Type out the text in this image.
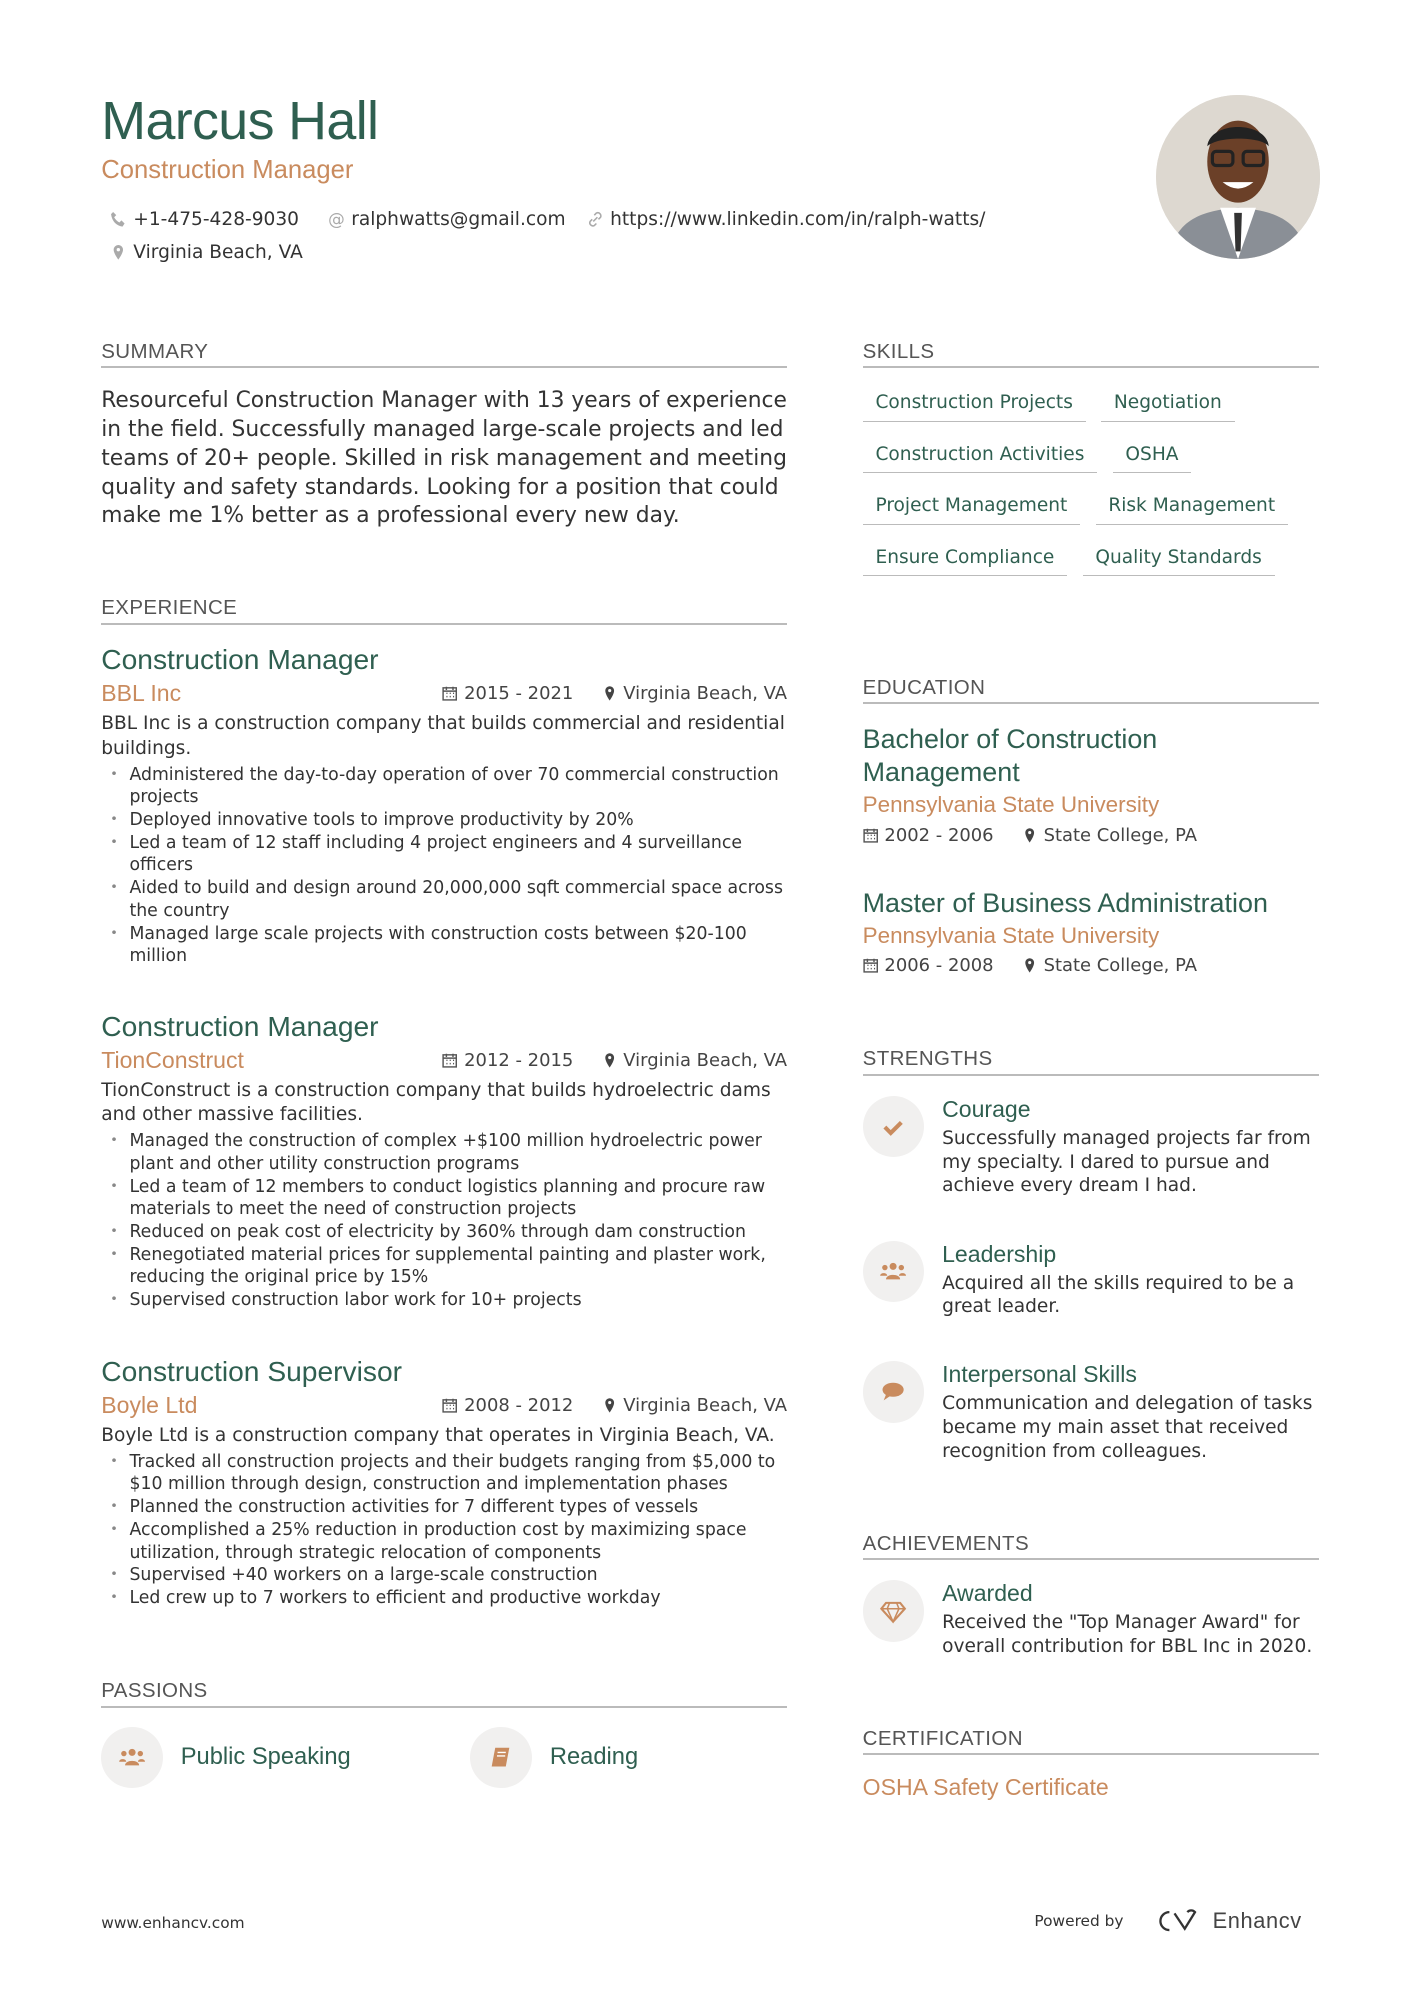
Marcus Hall
Construction Manager
+1-475-428-9030 @ ralphwatts@gmail.com	https://www.linkedin.com/in/ralph-watts/
Virginia Beach, VA
SUMMARY
Resourceful Construction Manager with 13 years of experience in the field. Successfully managed large-scale projects and led teams of 20+ people. Skilled in risk management and meeting quality and safety standards. Looking for a position that could make me 1% better as a professional every new day.
EXPERIENCE
Construction Manager
BBL Inc	2015 - 2021	Virginia Beach, VA
BBL Inc is a construction company that builds commercial and residential buildings.
• Administered the day-to-day operation of over 70 commercial construction projects
• Deployed innovative tools to improve productivity by 20%
• Led a team of 12 staff including 4 project engineers and 4 surveillance officers
• Aided to build and design around 20,000,000 sqft commercial space across the country
• Managed large scale projects with construction costs between $20-100 million
Construction Manager
TionConstruct	2012 - 2015	Virginia Beach, VA
TionConstruct is a construction company that builds hydroelectric dams and other massive facilities.
• Managed the construction of complex +$100 million hydroelectric power plant and other utility construction programs
• Led a team of 12 members to conduct logistics planning and procure raw materials to meet the need of construction projects
• Reduced on peak cost of electricity by 360% through dam construction
• Renegotiated material prices for supplemental painting and plaster work, reducing the original price by 15%
• Supervised construction labor work for 10+ projects
Construction Supervisor
Boyle Ltd	2008 - 2012	Virginia Beach, VA
Boyle Ltd is a construction company that operates in Virginia Beach, VA.
• Tracked all construction projects and their budgets ranging from $5,000 to $10 million through design, construction and implementation phases
• Planned the construction activities for 7 different types of vessels
• Accomplished a 25% reduction in production cost by maximizing space utilization, through strategic relocation of components
• Supervised +40 workers on a large-scale construction
• Led crew up to 7 workers to efficient and productive workday
PASSIONS
Public Speaking	Reading
SKILLS
Construction Projects	Negotiation
Construction Activities	OSHA
Project Management	Risk Management
Ensure Compliance	Quality Standards
EDUCATION
Bachelor of Construction Management
Pennsylvania State University
2002 - 2006	State College, PA
Master of Business Administration
Pennsylvania State University
2006 - 2008	State College, PA
STRENGTHS
Courage
Successfully managed projects far from my specialty. I dared to pursue and achieve every dream I had.
Leadership
Acquired all the skills required to be a great leader.
Interpersonal Skills
Communication and delegation of tasks became my main asset that received recognition from colleagues.
ACHIEVEMENTS
Awarded
Received the "Top Manager Award" for overall contribution for BBL Inc in 2020.
CERTIFICATION
OSHA Safety Certificate
www.enhancv.com	Powered by	Enhancv
